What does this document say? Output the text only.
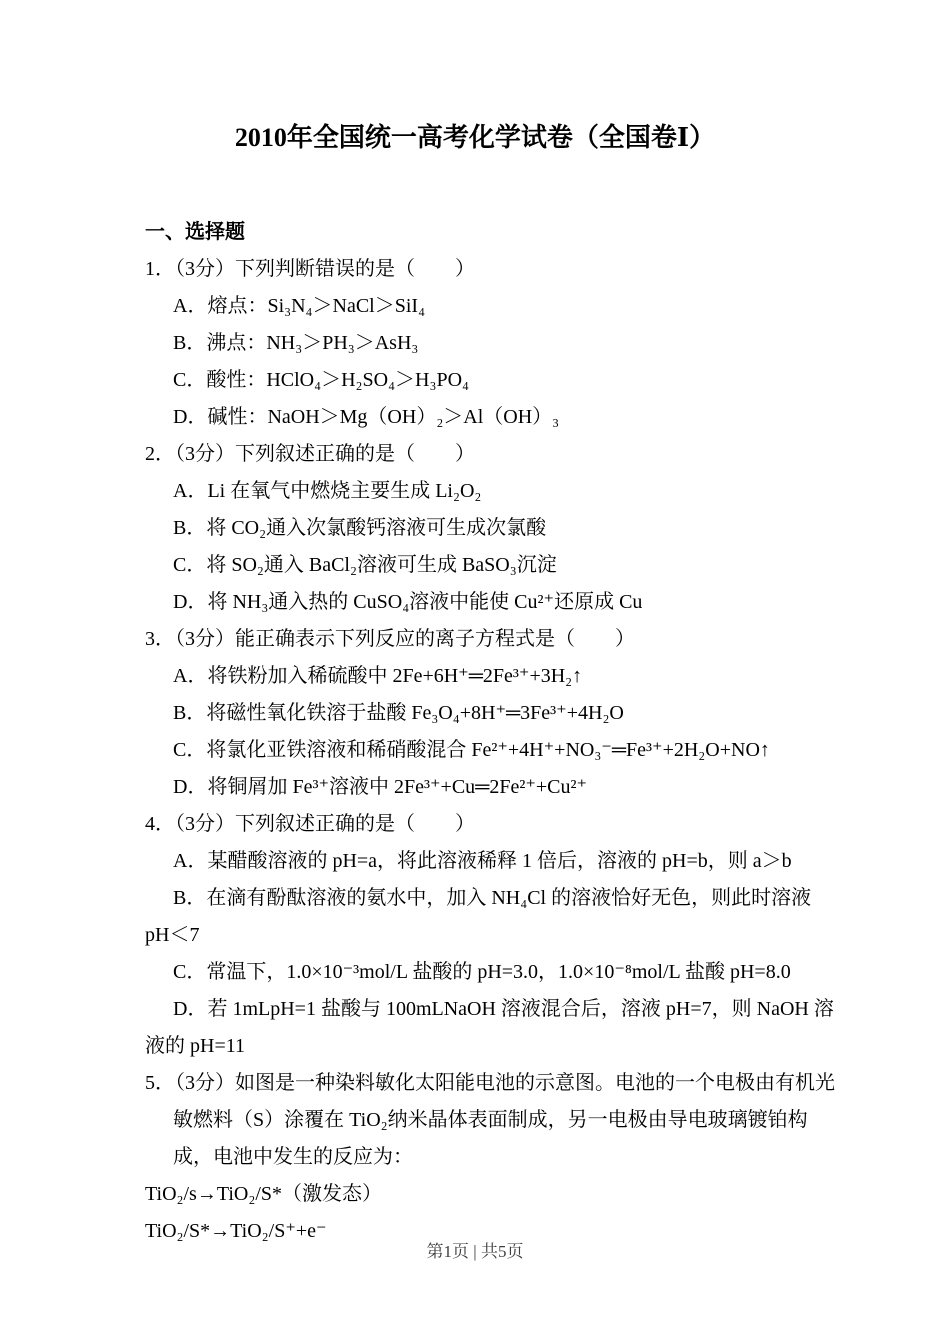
2010年全国统一高考化学试卷（全国卷Ⅰ）

一、选择题

1．（3分）下列判断错误的是（　　）

A．熔点：Si₃N₄＞NaCl＞SiI₄

B．沸点：NH₃＞PH₃＞AsH₃

C．酸性：HClO₄＞H₂SO₄＞H₃PO₄

D．碱性：NaOH＞Mg（OH）₂＞Al（OH）₃

2．（3分）下列叙述正确的是（　　）

A．Li 在氧气中燃烧主要生成 Li₂O₂

B．将 CO₂通入次氯酸钙溶液可生成次氯酸

C．将 SO₂通入 BaCl₂溶液可生成 BaSO₃沉淀

D．将 NH₃通入热的 CuSO₄溶液中能使 Cu²⁺还原成 Cu

3．（3分）能正确表示下列反应的离子方程式是（　　）

A．将铁粉加入稀硫酸中 2Fe+6H⁺═2Fe³⁺+3H₂↑

B．将磁性氧化铁溶于盐酸 Fe₃O₄+8H⁺═3Fe³⁺+4H₂O

C．将氯化亚铁溶液和稀硝酸混合 Fe²⁺+4H⁺+NO₃⁻═Fe³⁺+2H₂O+NO↑

D．将铜屑加 Fe³⁺溶液中 2Fe³⁺+Cu═2Fe²⁺+Cu²⁺

4．（3分）下列叙述正确的是（　　）

A．某醋酸溶液的 pH=a，将此溶液稀释 1 倍后，溶液的 pH=b，则 a＞b

B．在滴有酚酞溶液的氨水中，加入 NH₄Cl 的溶液恰好无色，则此时溶液 pH＜7

C．常温下，1.0×10⁻³mol/L 盐酸的 pH=3.0，1.0×10⁻⁸mol/L 盐酸 pH=8.0

D．若 1mLpH=1 盐酸与 100mLNaOH 溶液混合后，溶液 pH=7，则 NaOH 溶液的 pH=11

5．（3分）如图是一种染料敏化太阳能电池的示意图。电池的一个电极由有机光敏燃料（S）涂覆在 TiO₂纳米晶体表面制成，另一电极由导电玻璃镀铂构成，电池中发生的反应为：

TiO₂/s→TiO₂/S*（激发态）

TiO₂/S*→TiO₂/S⁺+e⁻

第1页 | 共5页
